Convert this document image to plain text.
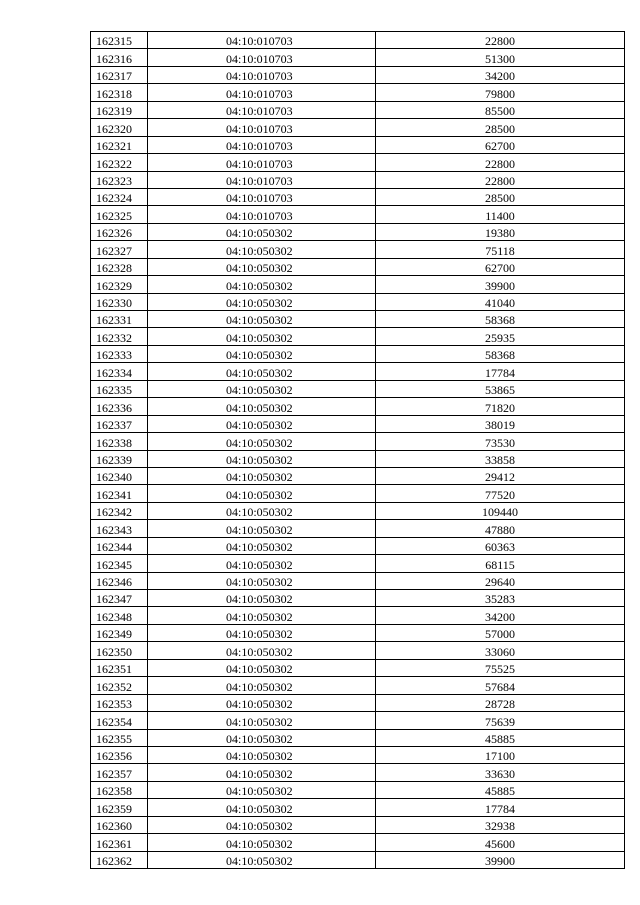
162315	04:10:010703	22800
162316	04:10:010703	51300
162317	04:10:010703	34200
162318	04:10:010703	79800
162319	04:10:010703	85500
162320	04:10:010703	28500
162321	04:10:010703	62700
162322	04:10:010703	22800
162323	04:10:010703	22800
162324	04:10:010703	28500
162325	04:10:010703	11400
162326	04:10:050302	19380
162327	04:10:050302	75118
162328	04:10:050302	62700
162329	04:10:050302	39900
162330	04:10:050302	41040
162331	04:10:050302	58368
162332	04:10:050302	25935
162333	04:10:050302	58368
162334	04:10:050302	17784
162335	04:10:050302	53865
162336	04:10:050302	71820
162337	04:10:050302	38019
162338	04:10:050302	73530
162339	04:10:050302	33858
162340	04:10:050302	29412
162341	04:10:050302	77520
162342	04:10:050302	109440
162343	04:10:050302	47880
162344	04:10:050302	60363
162345	04:10:050302	68115
162346	04:10:050302	29640
162347	04:10:050302	35283
162348	04:10:050302	34200
162349	04:10:050302	57000
162350	04:10:050302	33060
162351	04:10:050302	75525
162352	04:10:050302	57684
162353	04:10:050302	28728
162354	04:10:050302	75639
162355	04:10:050302	45885
162356	04:10:050302	17100
162357	04:10:050302	33630
162358	04:10:050302	45885
162359	04:10:050302	17784
162360	04:10:050302	32938
162361	04:10:050302	45600
162362	04:10:050302	39900
